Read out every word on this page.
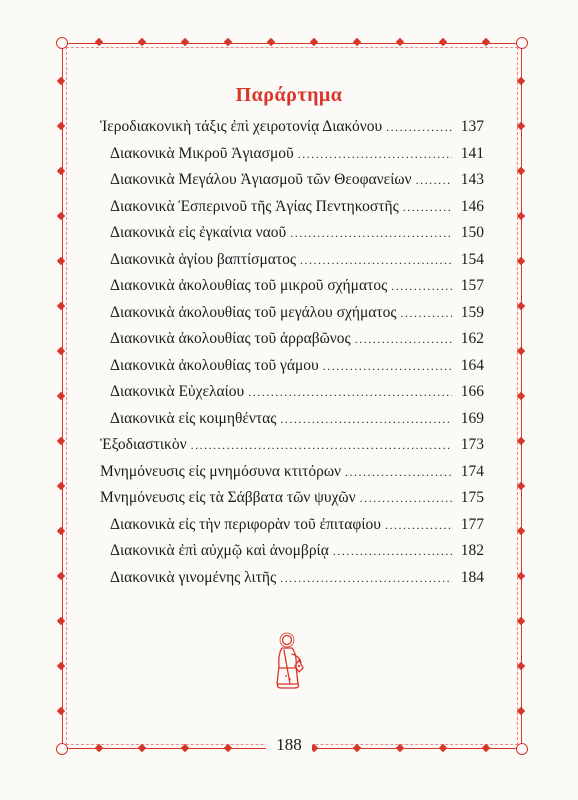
Παράρτημα
Ἱεροδιακονικὴ τάξις ἐπὶ χειροτονίᾳ Διακόνου .....	137
Διακονικὰ Μικροῦ Ἁγιασμοῦ .....	141
Διακονικὰ Μεγάλου Ἁγιασμοῦ τῶν Θεοφανείων .....	143
Διακονικὰ Ἑσπερινοῦ τῆς Ἁγίας Πεντηκοστῆς .....	146
Διακονικὰ εἰς ἐγκαίνια ναοῦ .....	150
Διακονικὰ ἁγίου βαπτίσματος .....	154
Διακονικὰ ἀκολουθίας τοῦ μικροῦ σχήματος .....	157
Διακονικὰ ἀκολουθίας τοῦ μεγάλου σχήματος .....	159
Διακονικὰ ἀκολουθίας τοῦ ἀρραβῶνος .....	162
Διακονικὰ ἀκολουθίας τοῦ γάμου .....	164
Διακονικὰ Εὐχελαίου .....	166
Διακονικὰ εἰς κοιμηθέντας .....	169
Ἐξοδιαστικὸν .....	173
Μνημόνευσις εἰς μνημόσυνα κτιτόρων .....	174
Μνημόνευσις εἰς τὰ Σάββατα τῶν ψυχῶν .....	175
Διακονικὰ εἰς τὴν περιφορὰν τοῦ ἐπιταφίου .....	177
Διακονικὰ ἐπὶ αὐχμῷ καὶ ἀνομβρίᾳ .....	182
Διακονικὰ γινομένης λιτῆς .....	184
188
